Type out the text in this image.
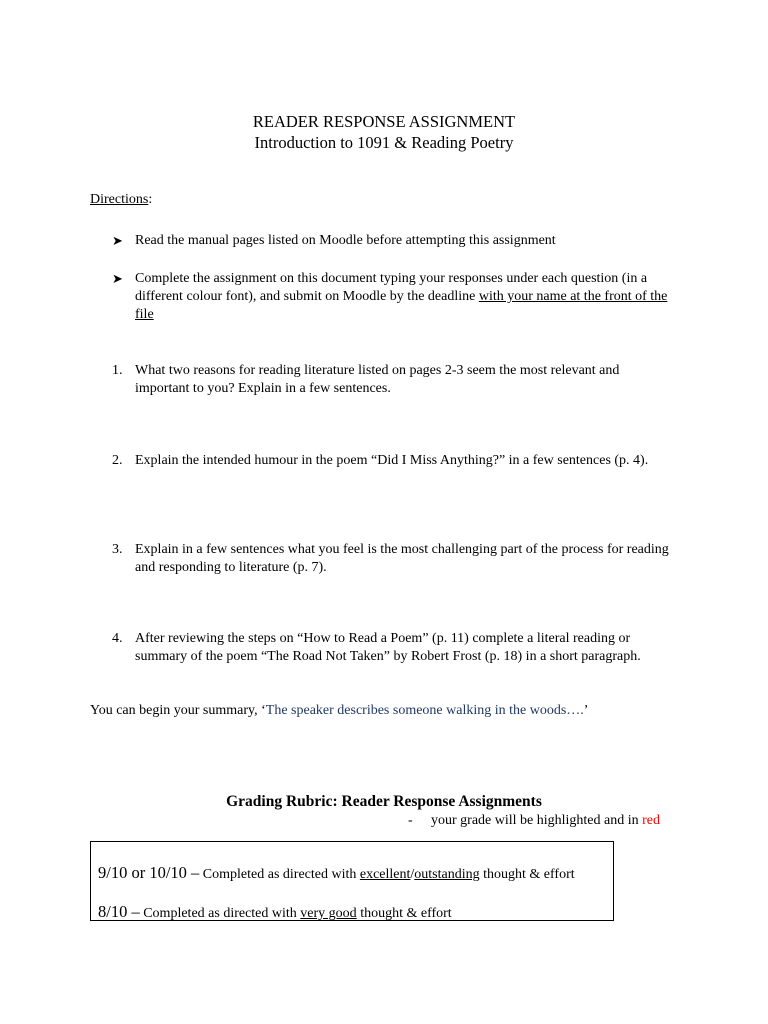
READER RESPONSE ASSIGNMENT
Introduction to 1091 & Reading Poetry
Directions:
➤ Read the manual pages listed on Moodle before attempting this assignment
➤ Complete the assignment on this document typing your responses under each question (in a different colour font), and submit on Moodle by the deadline with your name at the front of the file
1. What two reasons for reading literature listed on pages 2-3 seem the most relevant and important to you? Explain in a few sentences.
2. Explain the intended humour in the poem “Did I Miss Anything?” in a few sentences (p. 4).
3. Explain in a few sentences what you feel is the most challenging part of the process for reading and responding to literature (p. 7).
4. After reviewing the steps on “How to Read a Poem” (p. 11) complete a literal reading or summary of the poem “The Road Not Taken” by Robert Frost (p. 18) in a short paragraph.
You can begin your summary, ‘The speaker describes someone walking in the woods….’
Grading Rubric: Reader Response Assignments
- your grade will be highlighted and in red
9/10 or 10/10 – Completed as directed with excellent/outstanding thought & effort
8/10 – Completed as directed with very good thought & effort
